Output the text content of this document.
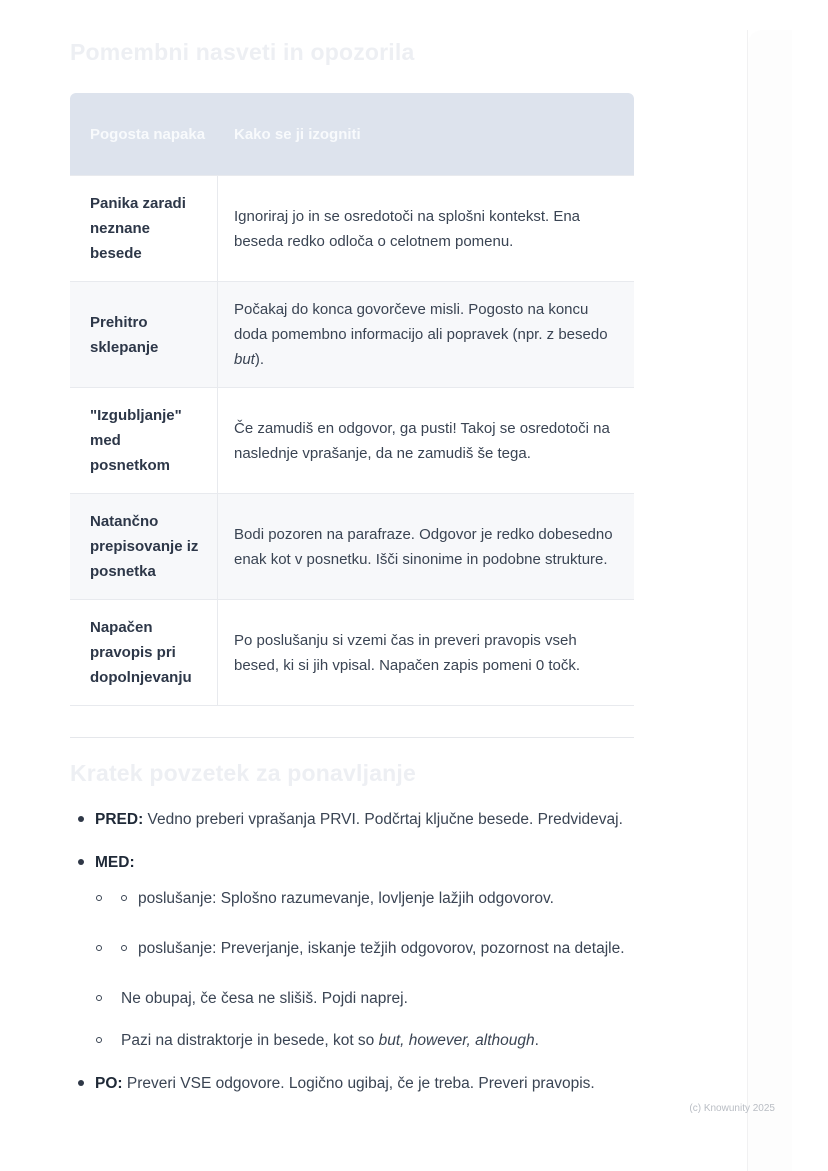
Pomembni nasveti in opozorila
Pogosta napaka Kako se ji izogniti
Panika zaradi neznane besede
Ignoriraj jo in se osredotoči na splošni kontekst. Ena beseda redko odloča o celotnem pomenu.
Prehitro sklepanje
Počakaj do konca govorčeve misli. Pogosto na koncu doda pomembno informacijo ali popravek (npr. z besedo but).
"Izgubljanje" med posnetkom
Če zamudiš en odgovor, ga pusti! Takoj se osredotoči na naslednje vprašanje, da ne zamudiš še tega.
Natančno prepisovanje iz posnetka
Bodi pozoren na parafraze. Odgovor je redko dobesedno enak kot v posnetku. Išči sinonime in podobne strukture.
Napačen pravopis pri dopolnjevanju
Po poslušanju si vzemi čas in preveri pravopis vseh besed, ki si jih vpisal. Napačen zapis pomeni 0 točk.
Kratek povzetek za ponavljanje
PRED: Vedno preberi vprašanja PRVI. Podčrtaj ključne besede. Predvidevaj.
MED:
poslušanje: Splošno razumevanje, lovljenje lažjih odgovorov.
poslušanje: Preverjanje, iskanje težjih odgovorov, pozornost na detajle.
Ne obupaj, če česa ne slišiš. Pojdi naprej.
Pazi na distraktorje in besede, kot so but, however, although.
PO: Preveri VSE odgovore. Logično ugibaj, če je treba. Preveri pravopis.
(c) Knowunity 2025
